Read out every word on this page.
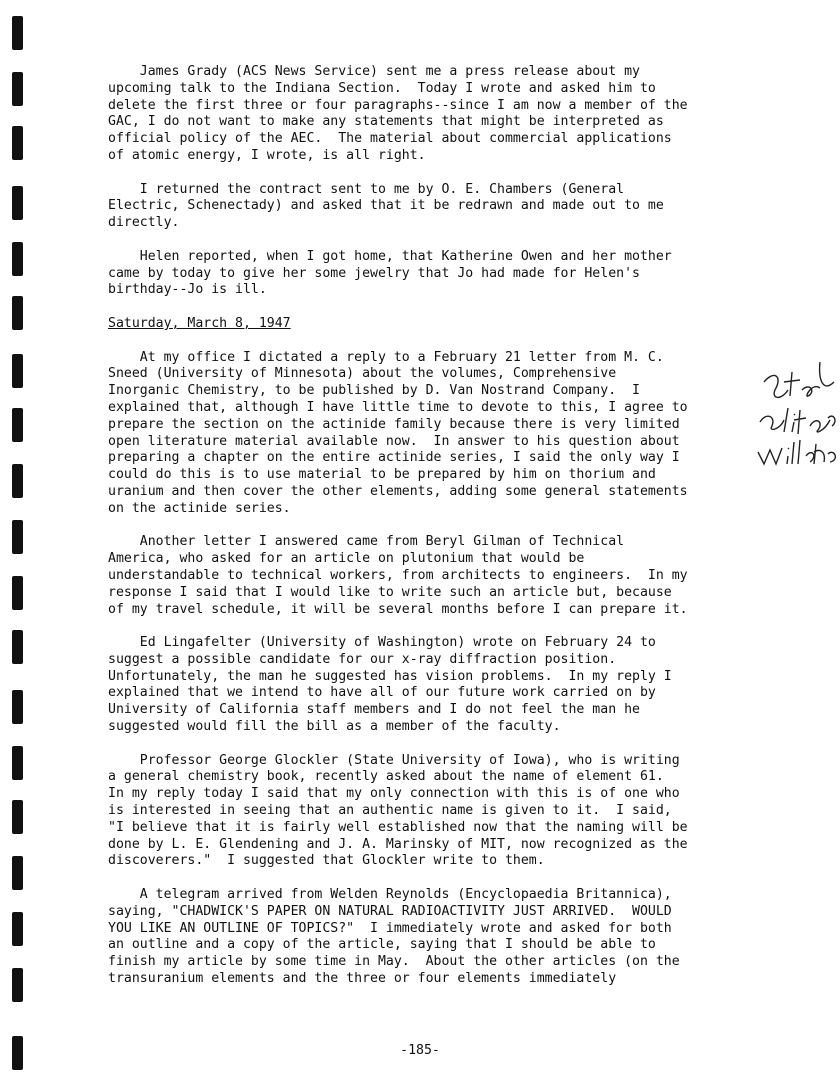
James Grady (ACS News Service) sent me a press release about my
upcoming talk to the Indiana Section.  Today I wrote and asked him to
delete the first three or four paragraphs--since I am now a member of the
GAC, I do not want to make any statements that might be interpreted as
official policy of the AEC.  The material about commercial applications
of atomic energy, I wrote, is all right.

I returned the contract sent to me by O. E. Chambers (General
Electric, Schenectady) and asked that it be redrawn and made out to me
directly.

Helen reported, when I got home, that Katherine Owen and her mother
came by today to give her some jewelry that Jo had made for Helen's
birthday--Jo is ill.

Saturday, March 8, 1947

At my office I dictated a reply to a February 21 letter from M. C.
Sneed (University of Minnesota) about the volumes, Comprehensive
Inorganic Chemistry, to be published by D. Van Nostrand Company.  I
explained that, although I have little time to devote to this, I agree to
prepare the section on the actinide family because there is very limited
open literature material available now.  In answer to his question about
preparing a chapter on the entire actinide series, I said the only way I
could do this is to use material to be prepared by him on thorium and
uranium and then cover the other elements, adding some general statements
on the actinide series.

Another letter I answered came from Beryl Gilman of Technical
America, who asked for an article on plutonium that would be
understandable to technical workers, from architects to engineers.  In my
response I said that I would like to write such an article but, because
of my travel schedule, it will be several months before I can prepare it.

Ed Lingafelter (University of Washington) wrote on February 24 to
suggest a possible candidate for our x-ray diffraction position.
Unfortunately, the man he suggested has vision problems.  In my reply I
explained that we intend to have all of our future work carried on by
University of California staff members and I do not feel the man he
suggested would fill the bill as a member of the faculty.

Professor George Glockler (State University of Iowa), who is writing
a general chemistry book, recently asked about the name of element 61.
In my reply today I said that my only connection with this is of one who
is interested in seeing that an authentic name is given to it.  I said,
"I believe that it is fairly well established now that the naming will be
done by L. E. Glendening and J. A. Marinsky of MIT, now recognized as the
discoverers."  I suggested that Glockler write to them.

A telegram arrived from Welden Reynolds (Encyclopaedia Britannica),
saying, "CHADWICK'S PAPER ON NATURAL RADIOACTIVITY JUST ARRIVED.  WOULD
YOU LIKE AN OUTLINE OF TOPICS?"  I immediately wrote and asked for both
an outline and a copy of the article, saying that I should be able to
finish my article by some time in May.  About the other articles (on the
transuranium elements and the three or four elements immediately

-185-
